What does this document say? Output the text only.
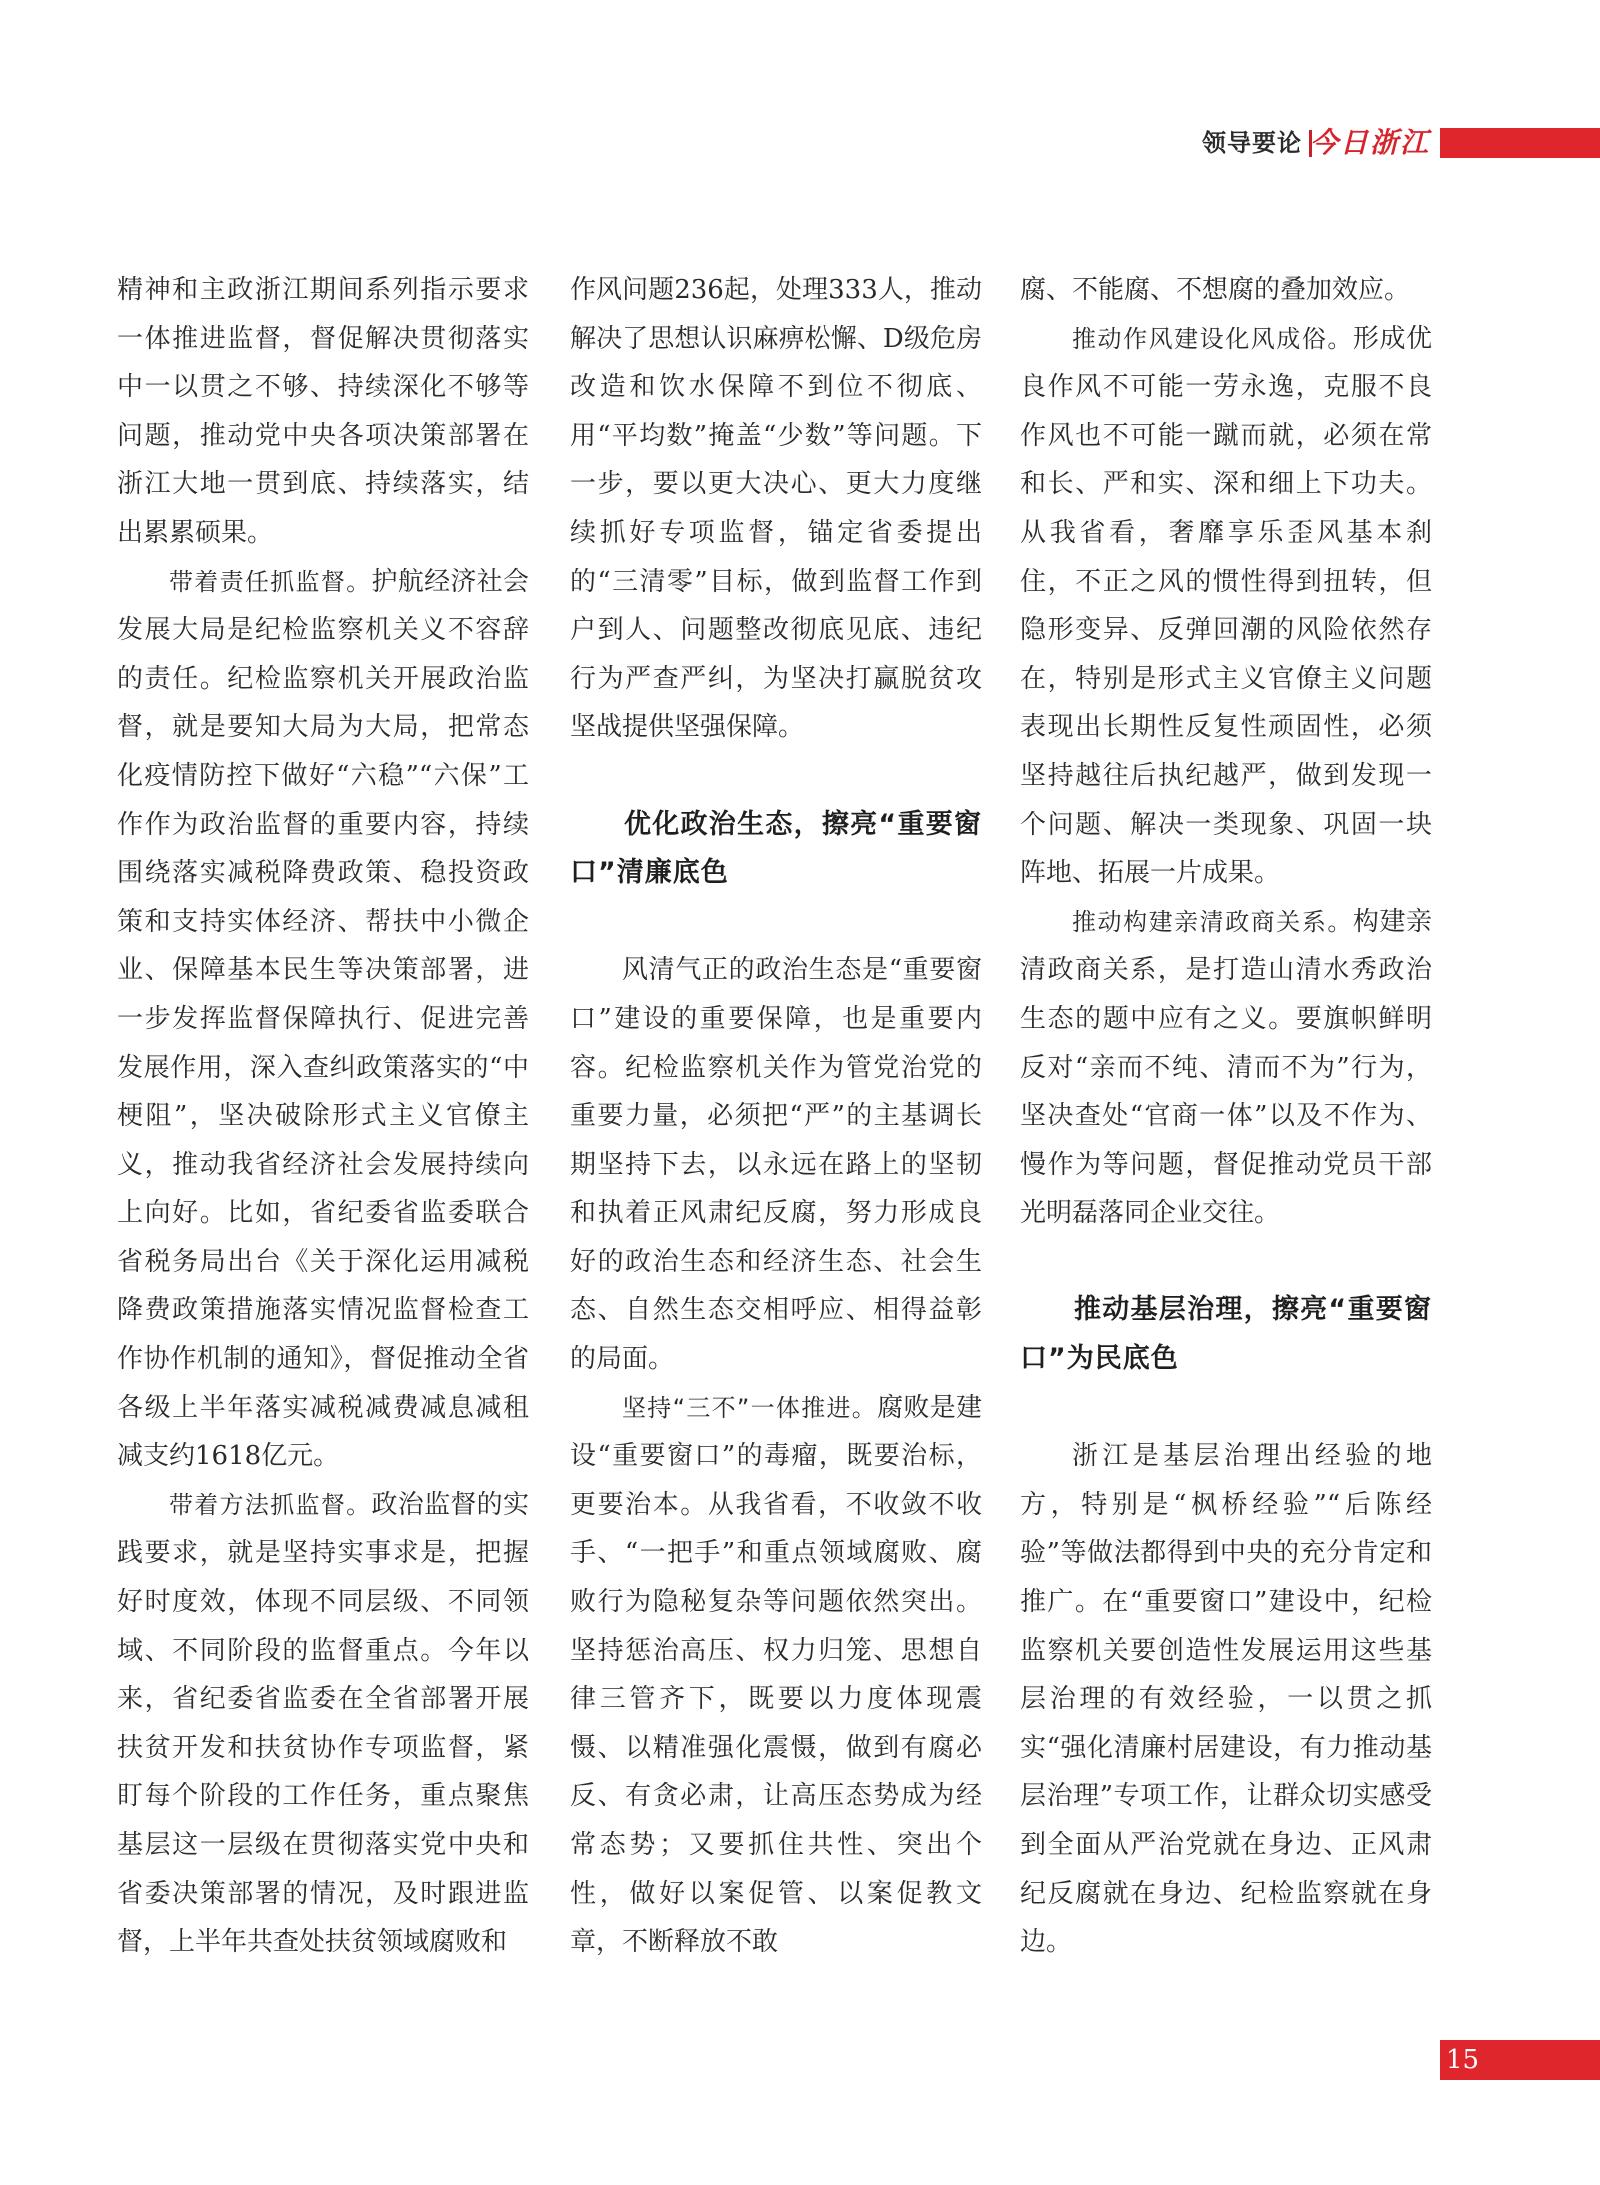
领导要论 今日浙江

精神和主政浙江期间系列指示要求一体推进监督，督促解决贯彻落实中一以贯之不够、持续深化不够等问题，推动党中央各项决策部署在浙江大地一贯到底、持续落实，结出累累硕果。

带着责任抓监督。护航经济社会发展大局是纪检监察机关义不容辞的责任。纪检监察机关开展政治监督，就是要知大局为大局，把常态化疫情防控下做好“六稳”“六保”工作作为政治监督的重要内容，持续围绕落实减税降费政策、稳投资政策和支持实体经济、帮扶中小微企业、保障基本民生等决策部署，进一步发挥监督保障执行、促进完善发展作用，深入查纠政策落实的“中梗阻”，坚决破除形式主义官僚主义，推动我省经济社会发展持续向上向好。比如，省纪委省监委联合省税务局出台《关于深化运用减税降费政策措施落实情况监督检查工作协作机制的通知》，督促推动全省各级上半年落实减税减费减息减租减支约1618亿元。

带着方法抓监督。政治监督的实践要求，就是坚持实事求是，把握好时度效，体现不同层级、不同领域、不同阶段的监督重点。今年以来，省纪委省监委在全省部署开展扶贫开发和扶贫协作专项监督，紧盯每个阶段的工作任务，重点聚焦基层这一层级在贯彻落实党中央和省委决策部署的情况，及时跟进监督，上半年共查处扶贫领域腐败和

作风问题236起，处理333人，推动解决了思想认识麻痹松懈、D级危房改造和饮水保障不到位不彻底、用“平均数”掩盖“少数”等问题。下一步，要以更大决心、更大力度继续抓好专项监督，锚定省委提出的“三清零”目标，做到监督工作到户到人、问题整改彻底见底、违纪行为严查严纠，为坚决打赢脱贫攻坚战提供坚强保障。

优化政治生态，擦亮“重要窗口”清廉底色

风清气正的政治生态是“重要窗口”建设的重要保障，也是重要内容。纪检监察机关作为管党治党的重要力量，必须把“严”的主基调长期坚持下去，以永远在路上的坚韧和执着正风肃纪反腐，努力形成良好的政治生态和经济生态、社会生态、自然生态交相呼应、相得益彰的局面。

坚持“三不”一体推进。腐败是建设“重要窗口”的毒瘤，既要治标，更要治本。从我省看，不收敛不收手、“一把手”和重点领域腐败、腐败行为隐秘复杂等问题依然突出。坚持惩治高压、权力归笼、思想自律三管齐下，既要以力度体现震慑、以精准强化震慑，做到有腐必反、有贪必肃，让高压态势成为经常态势；又要抓住共性、突出个性，做好以案促管、以案促教文章，不断释放不敢

腐、不能腐、不想腐的叠加效应。

推动作风建设化风成俗。形成优良作风不可能一劳永逸，克服不良作风也不可能一蹴而就，必须在常和长、严和实、深和细上下功夫。从我省看，奢靡享乐歪风基本刹住，不正之风的惯性得到扭转，但隐形变异、反弹回潮的风险依然存在，特别是形式主义官僚主义问题表现出长期性反复性顽固性，必须坚持越往后执纪越严，做到发现一个问题、解决一类现象、巩固一块阵地、拓展一片成果。

推动构建亲清政商关系。构建亲清政商关系，是打造山清水秀政治生态的题中应有之义。要旗帜鲜明反对“亲而不纯、清而不为”行为，坚决查处“官商一体”以及不作为、慢作为等问题，督促推动党员干部光明磊落同企业交往。

推动基层治理，擦亮“重要窗口”为民底色

浙江是基层治理出经验的地方，特别是“枫桥经验”“后陈经验”等做法都得到中央的充分肯定和推广。在“重要窗口”建设中，纪检监察机关要创造性发展运用这些基层治理的有效经验，一以贯之抓实“强化清廉村居建设，有力推动基层治理”专项工作，让群众切实感受到全面从严治党就在身边、正风肃纪反腐就在身边、纪检监察就在身边。

15
